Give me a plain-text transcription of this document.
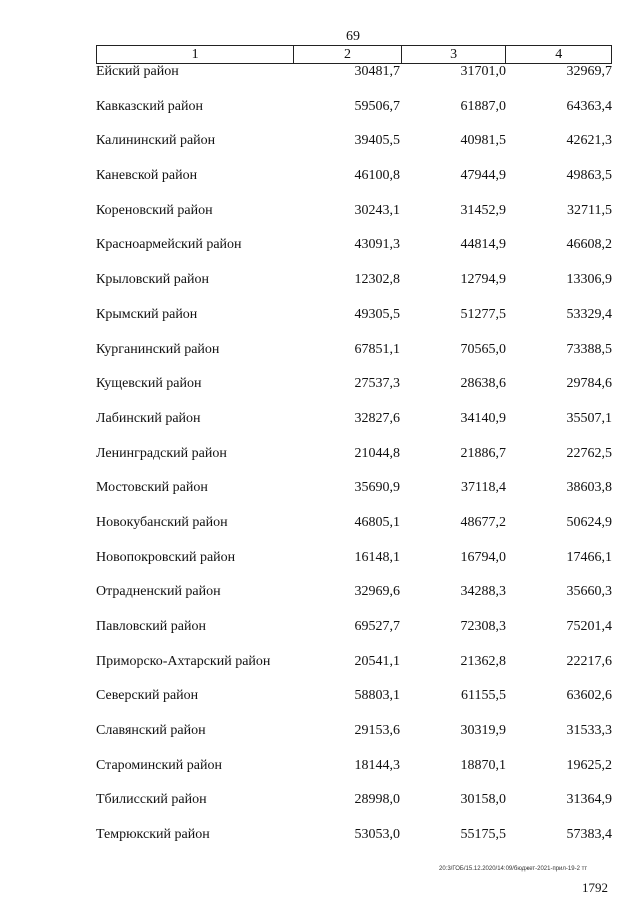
69
1	2	3	4
Ейский район	30481,7	31701,0	32969,7
Кавказский район	59506,7	61887,0	64363,4
Калининский район	39405,5	40981,5	42621,3
Каневской район	46100,8	47944,9	49863,5
Кореновский район	30243,1	31452,9	32711,5
Красноармейский район	43091,3	44814,9	46608,2
Крыловский район	12302,8	12794,9	13306,9
Крымский район	49305,5	51277,5	53329,4
Курганинский район	67851,1	70565,0	73388,5
Кущевский район	27537,3	28638,6	29784,6
Лабинский район	32827,6	34140,9	35507,1
Ленинградский район	21044,8	21886,7	22762,5
Мостовский район	35690,9	37118,4	38603,8
Новокубанский район	46805,1	48677,2	50624,9
Новопокровский район	16148,1	16794,0	17466,1
Отрадненский район	32969,6	34288,3	35660,3
Павловский район	69527,7	72308,3	75201,4
Приморско-Ахтарский район	20541,1	21362,8	22217,6
Северский район	58803,1	61155,5	63602,6
Славянский район	29153,6	30319,9	31533,3
Староминский район	18144,3	18870,1	19625,2
Тбилисский район	28998,0	30158,0	31364,9
Темрюкский район	53053,0	55175,5	57383,4
20:3/ГОБ/15.12.2020/14:09/бюджет-2021-прил-19-2 тт
1792
